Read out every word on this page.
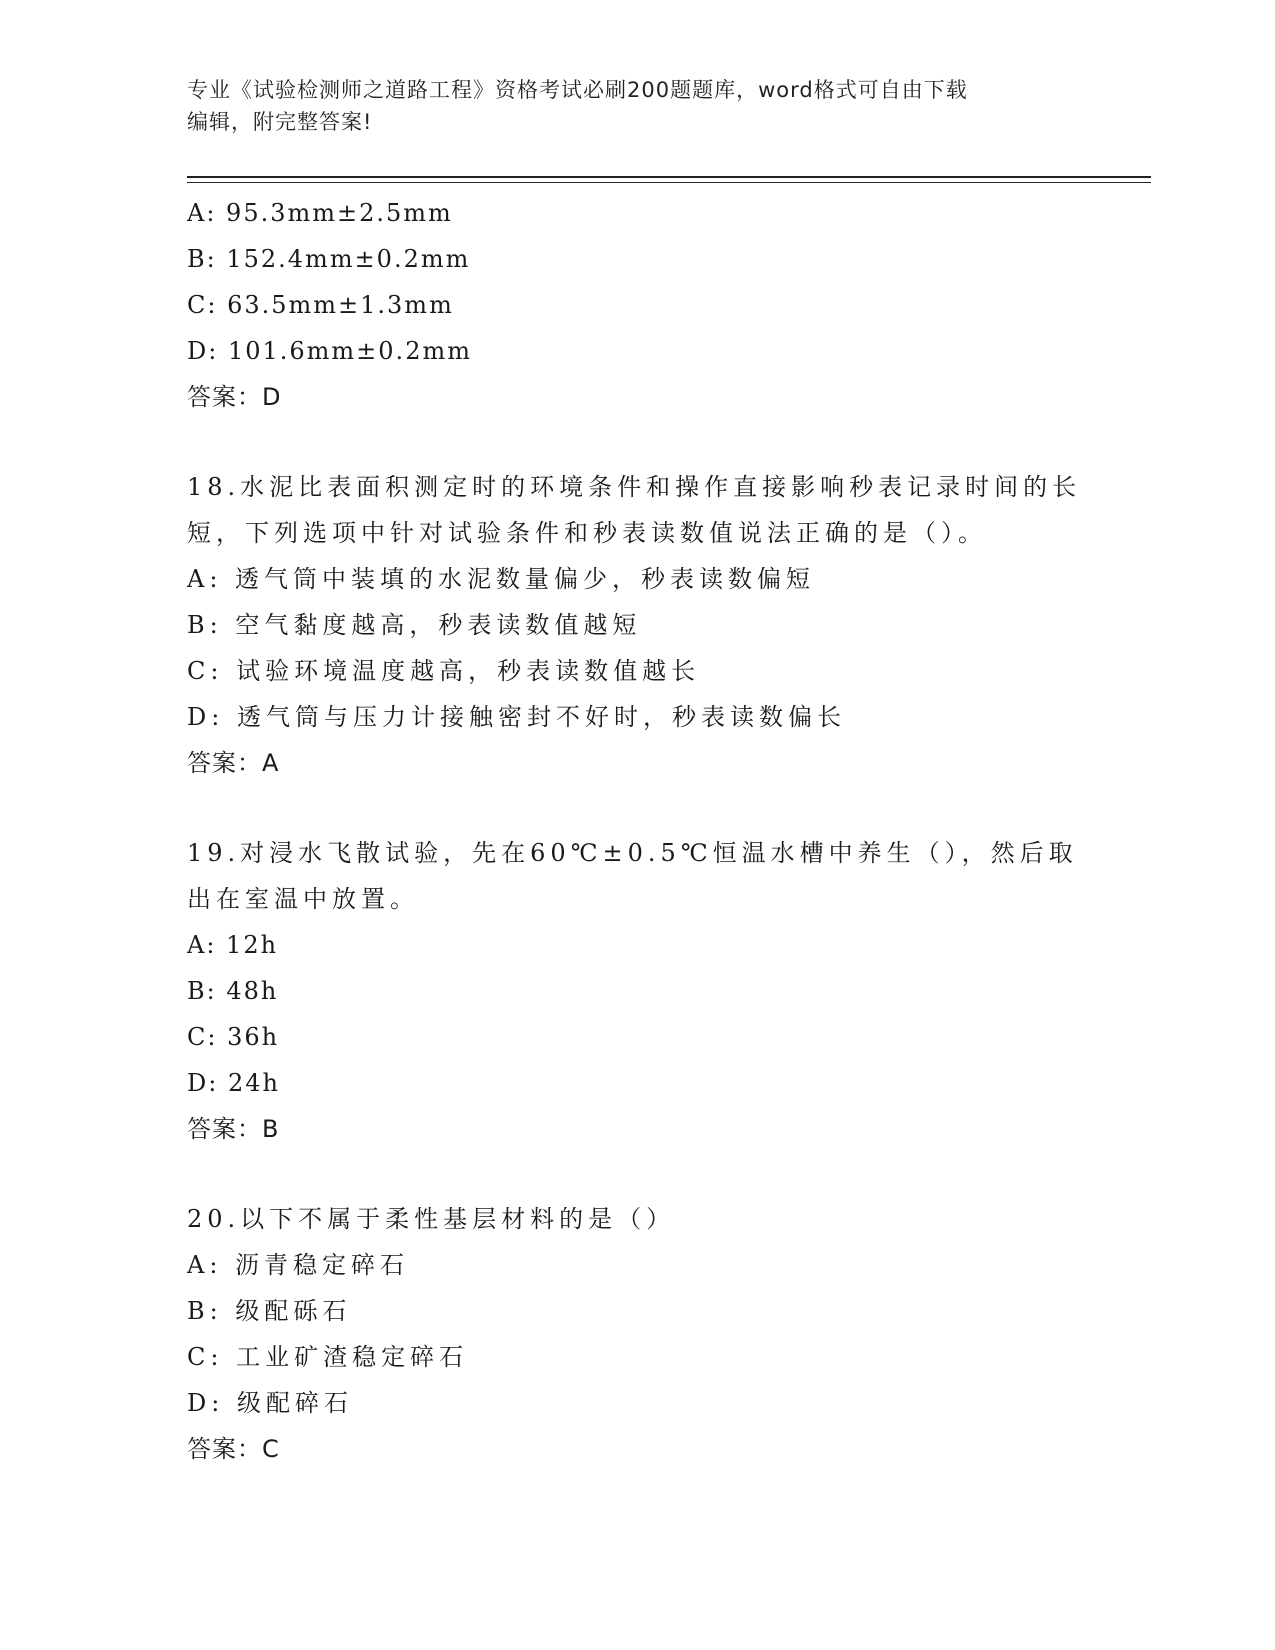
专业《试验检测师之道路工程》资格考试必刷200题题库，word格式可自由下载
编辑，附完整答案!
A: 95.3mm±2.5mm
B: 152.4mm±0.2mm
C: 63.5mm±1.3mm
D: 101.6mm±0.2mm
答案：D
18.水泥比表面积测定时的环境条件和操作直接影响秒表记录时间的长
短，下列选项中针对试验条件和秒表读数值说法正确的是（）。
A: 透气筒中装填的水泥数量偏少，秒表读数偏短
B: 空气黏度越高，秒表读数值越短
C: 试验环境温度越高，秒表读数值越长
D: 透气筒与压力计接触密封不好时，秒表读数偏长
答案：A
19.对浸水飞散试验，先在60℃±0.5℃恒温水槽中养生（），然后取
出在室温中放置。
A: 12h
B: 48h
C: 36h
D: 24h
答案：B
20.以下不属于柔性基层材料的是（）
A: 沥青稳定碎石
B: 级配砾石
C: 工业矿渣稳定碎石
D: 级配碎石
答案：C
